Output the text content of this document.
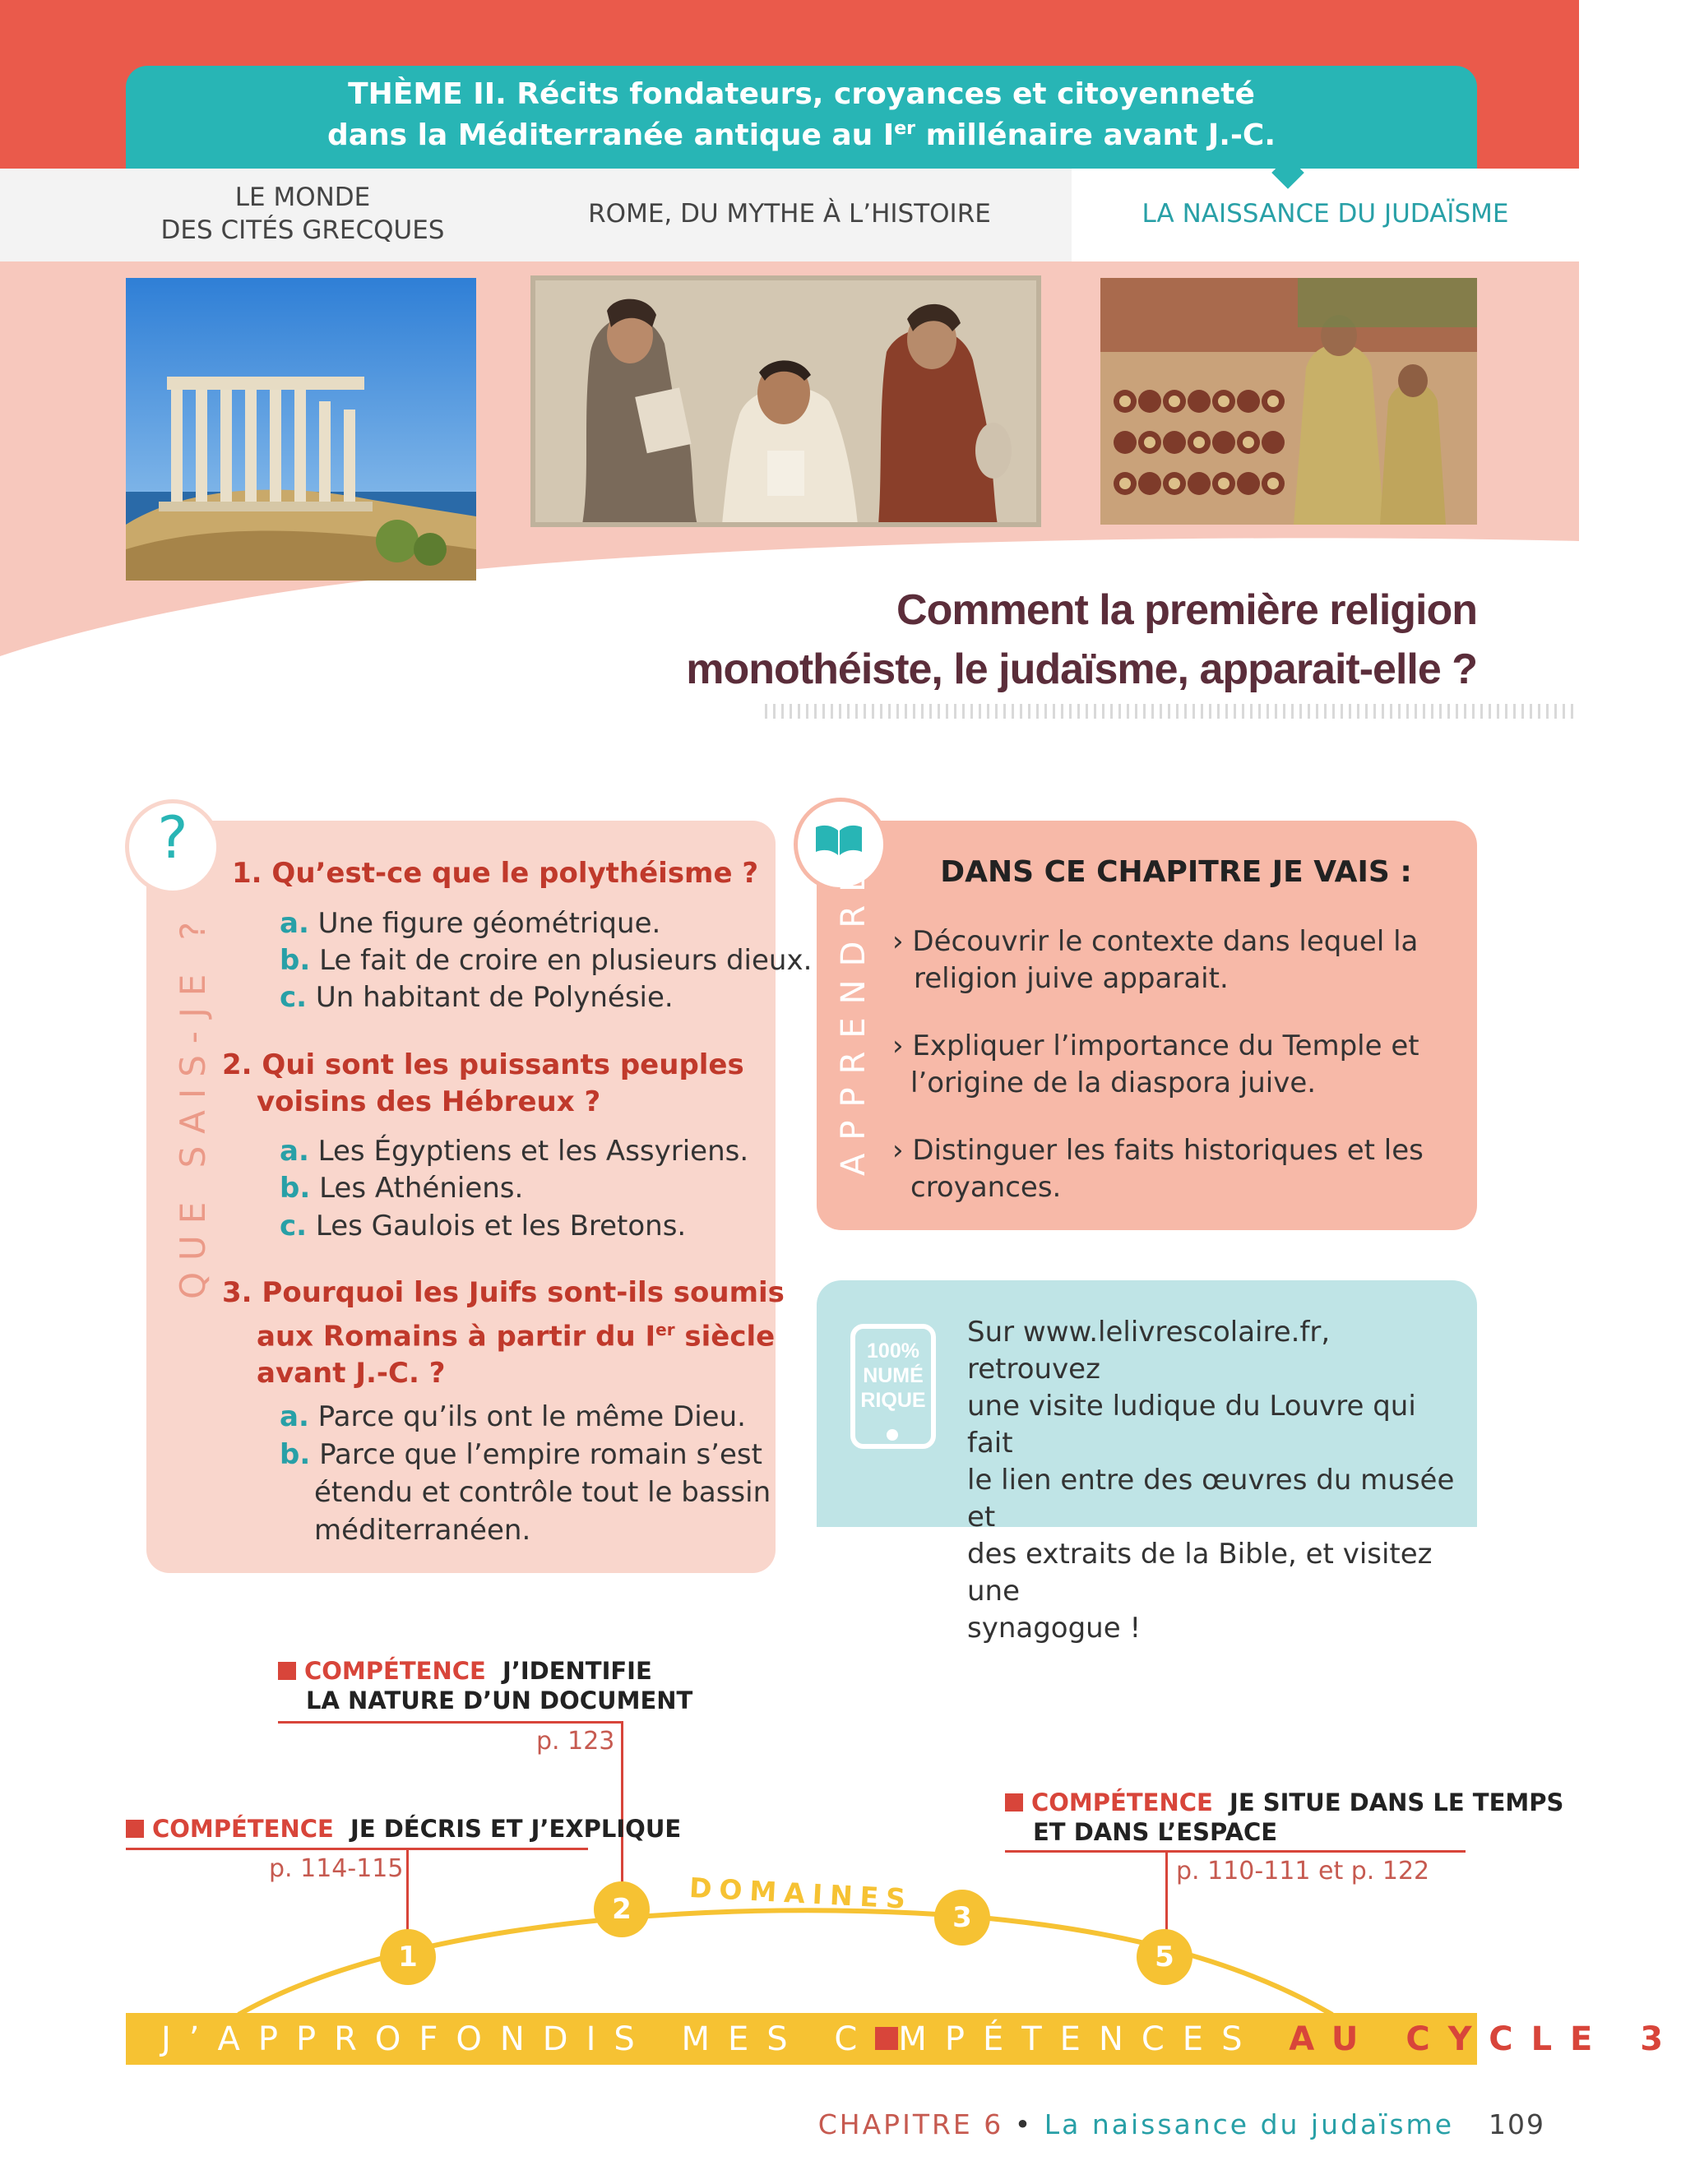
THÈME II. Récits fondateurs, croyances et citoyenneté
dans la Méditerranée antique au Ier millénaire avant J.-C.
LE MONDE
DES CITÉS GRECQUES
ROME, DU MYTHE À L’HISTOIRE	LA NAISSANCE DU JUDAÏSME
Comment la première religion
monothéiste, le judaïsme, apparait-elle ?
?
QUE SAIS-JE ?
1. Qu’est-ce que le polythéisme ?
a. Une figure géométrique.
b. Le fait de croire en plusieurs dieux.
c. Un habitant de Polynésie.
2. Qui sont les puissants peuples
voisins des Hébreux ?
a. Les Égyptiens et les Assyriens.
b. Les Athéniens.
c. Les Gaulois et les Bretons.
3. Pourquoi les Juifs sont-ils soumis
aux Romains à partir du Ier siècle
avant J.-C. ?
a. Parce qu’ils ont le même Dieu.
b. Parce que l’empire romain s’est
étendu et contrôle tout le bassin
méditerranéen.
APPRENDRE	DANS CE CHAPITRE JE VAIS :
› Découvrir le contexte dans lequel la
religion juive apparait.
› Expliquer l’importance du Temple et
l’origine de la diaspora juive.
› Distinguer les faits historiques et les
croyances.
100%
NUMÉ
RIQUE
Sur www.lelivrescolaire.fr, retrouvez
une visite ludique du Louvre qui fait
le lien entre des œuvres du musée et
des extraits de la Bible, et visitez une
synagogue !
COMPÉTENCE J’IDENTIFIE
LA NATURE D’UN DOCUMENT
p. 123
COMPÉTENCE JE DÉCRIS ET J’EXPLIQUE
p. 114-115
COMPÉTENCE JE SITUE DANS LE TEMPS
ET DANS L’ESPACE
p. 110-111 et p. 122
1
2	3
5
DOMAINES
J’APPROFONDIS MES C MPÉTENCES AU CYCLE 3
CHAPITRE 6 • La naissance du judaïsme 109
